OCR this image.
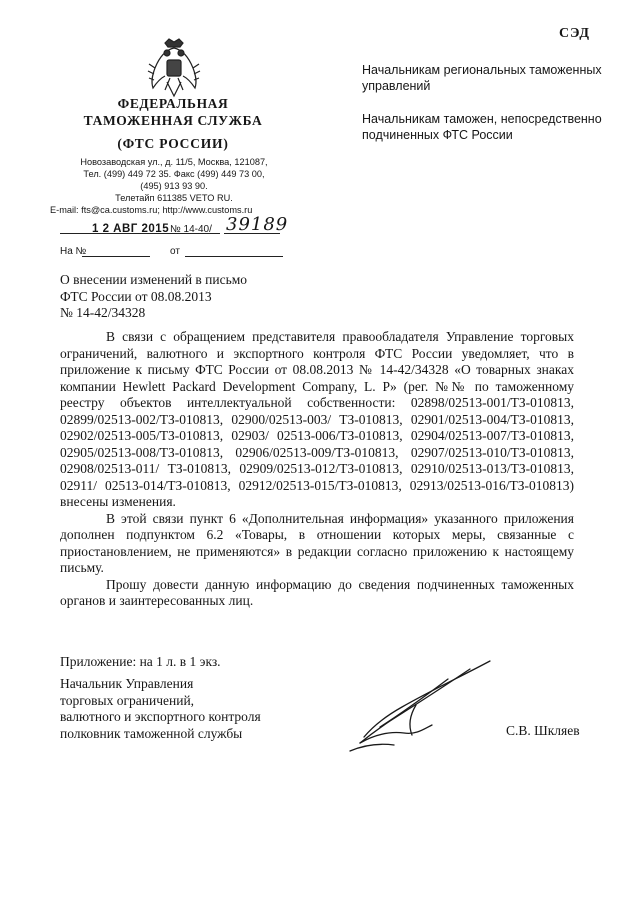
СЭД
ФЕДЕРАЛЬНАЯ
ТАМОЖЕННАЯ СЛУЖБА
(ФТС РОССИИ)
Новозаводская ул., д. 11/5, Москва, 121087,
Тел. (499) 449 72 35. Факс (499) 449 73 00,
(495) 913 93 90.
Телетайп 611385 VETO RU.
E-mail: fts@ca.customs.ru; http://www.customs.ru
1 2 АВГ 2015 № 14-40/ 39189
На №	от
Начальникам региональных таможенных управлений
Начальникам таможен, непосредственно подчиненных ФТС России
О внесении изменений в письмо
ФТС России от 08.08.2013
№ 14-42/34328
В связи с обращением представителя правообладателя Управление торговых ограничений, валютного и экспортного контроля ФТС России уведомляет, что в приложение к письму ФТС России от 08.08.2013 № 14-42/34328 «О товарных знаках компании Hewlett Packard Development Company, L. P» (рег. №№ по таможенному реестру объектов интеллектуальной собственности: 02898/02513-001/ТЗ-010813, 02899/02513-002/ТЗ-010813, 02900/02513-003/ ТЗ-010813, 02901/02513-004/ТЗ-010813, 02902/02513-005/ТЗ-010813, 02903/ 02513-006/ТЗ-010813, 02904/02513-007/ТЗ-010813, 02905/02513-008/ТЗ-010813, 02906/02513-009/ТЗ-010813, 02907/02513-010/ТЗ-010813, 02908/02513-011/ ТЗ-010813, 02909/02513-012/ТЗ-010813, 02910/02513-013/ТЗ-010813, 02911/ 02513-014/ТЗ-010813, 02912/02513-015/ТЗ-010813, 02913/02513-016/ТЗ-010813) внесены изменения.
В этой связи пункт 6 «Дополнительная информация» указанного приложения дополнен подпунктом 6.2 «Товары, в отношении которых меры, связанные с приостановлением, не применяются» в редакции согласно приложению к настоящему письму.
Прошу довести данную информацию до сведения подчиненных таможенных органов и заинтересованных лиц.
Приложение: на 1 л. в 1 экз.
Начальник Управления
торговых ограничений,
валютного и экспортного контроля
полковник таможенной службы	С.В. Шкляев
